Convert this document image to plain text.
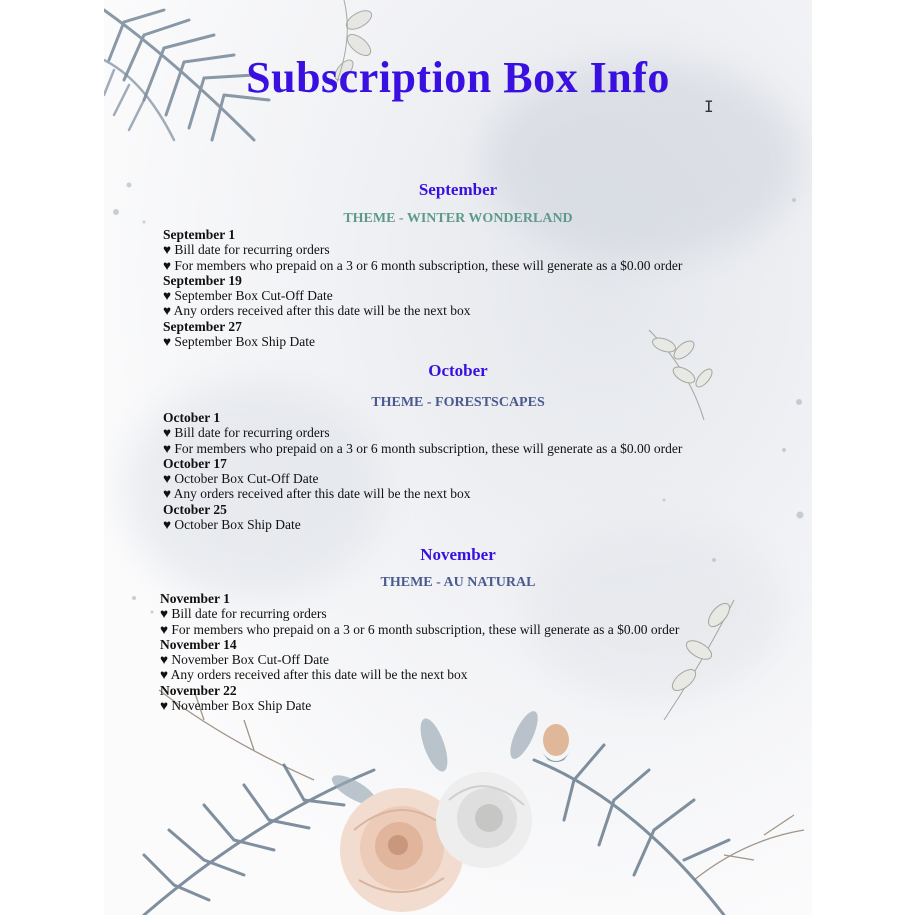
Subscription Box Info
I
September
THEME - WINTER WONDERLAND
September 1
♥ Bill date for recurring orders
♥ For members who prepaid on a 3 or 6 month subscription, these will generate as a $0.00 order
September 19
♥ September Box Cut-Off Date
♥ Any orders received after this date will be the next box
September 27
♥ September Box Ship Date
October
THEME - FORESTSCAPES
October 1
♥ Bill date for recurring orders
♥ For members who prepaid on a 3 or 6 month subscription, these will generate as a $0.00 order
October 17
♥ October Box Cut-Off Date
♥ Any orders received after this date will be the next box
October 25
♥ October Box Ship Date
November
THEME - AU NATURAL
November 1
♥ Bill date for recurring orders
♥ For members who prepaid on a 3 or 6 month subscription, these will generate as a $0.00 order
November 14
♥ November Box Cut-Off Date
♥ Any orders received after this date will be the next box
November 22
♥ November Box Ship Date
